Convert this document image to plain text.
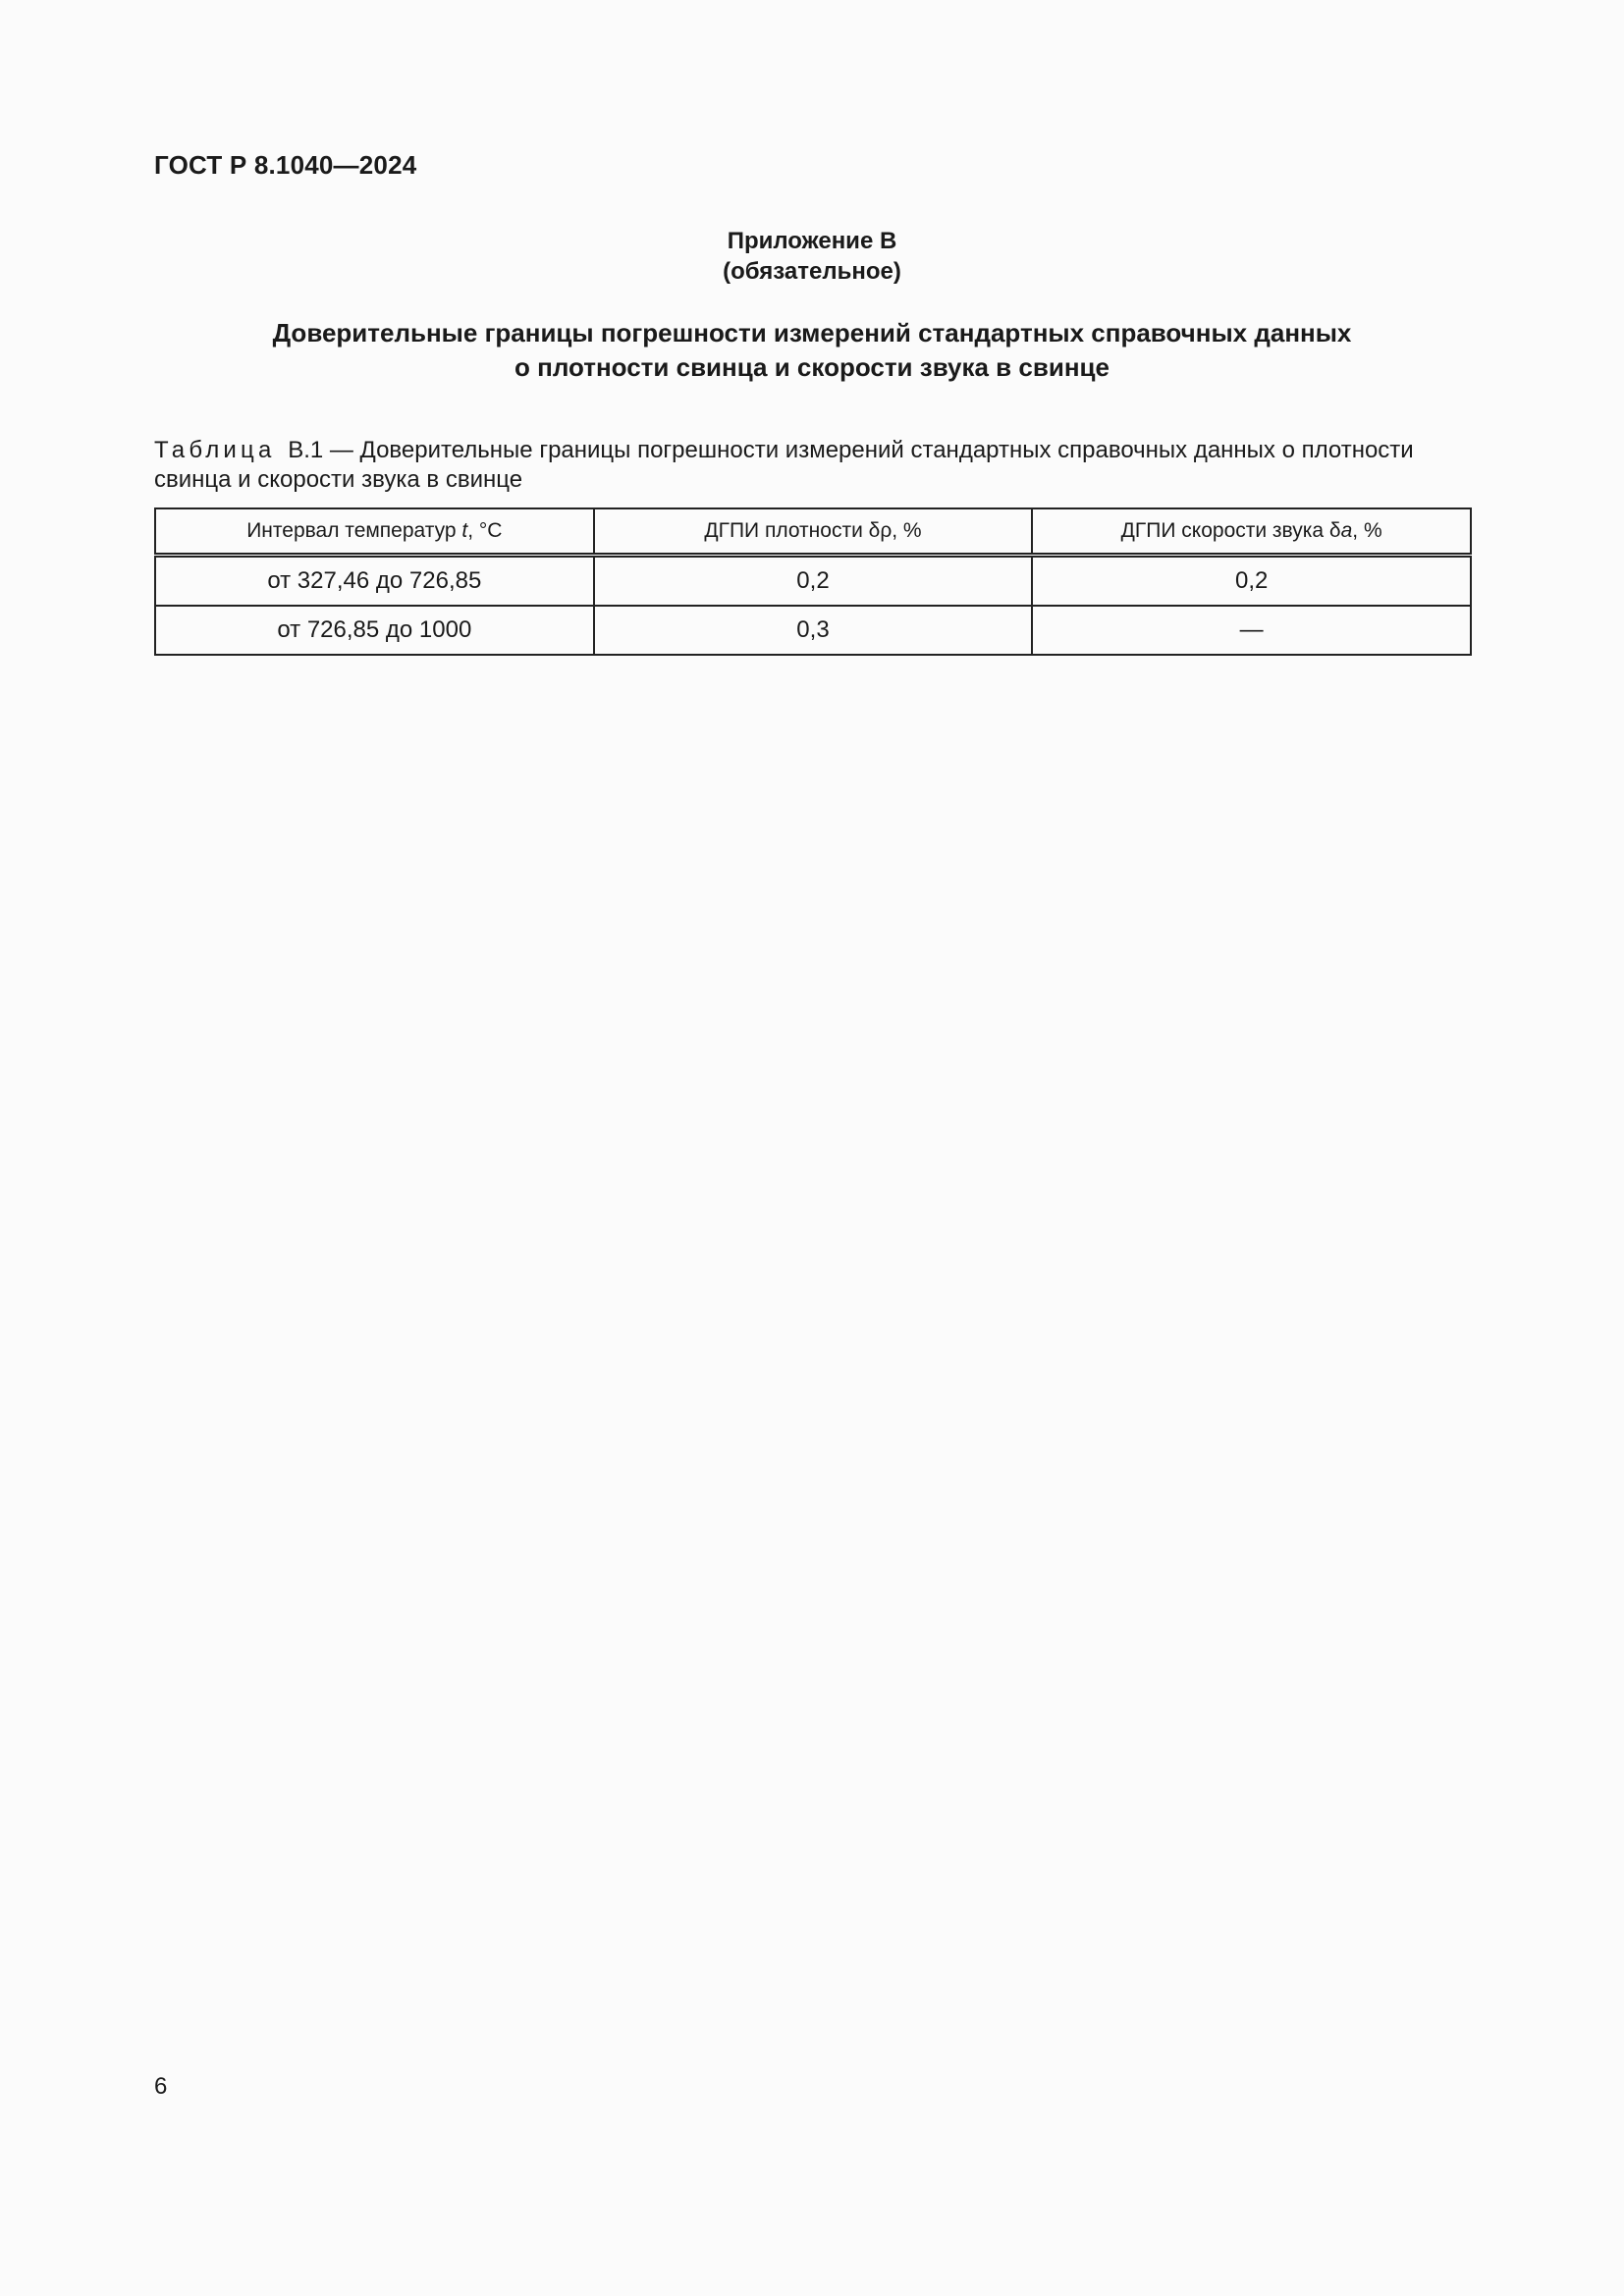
ГОСТ Р 8.1040—2024
Приложение В
(обязательное)
Доверительные границы погрешности измерений стандартных справочных данных
о плотности свинца и скорости звука в свинце
Таблица В.1 — Доверительные границы погрешности измерений стандартных справочных данных о плотности
свинца и скорости звука в свинце
Интервал температур t, °C	ДГПИ плотности δρ, %	ДГПИ скорости звука δa, %
от 327,46 до 726,85	0,2	0,2
от 726,85 до 1000	0,3	—
6
